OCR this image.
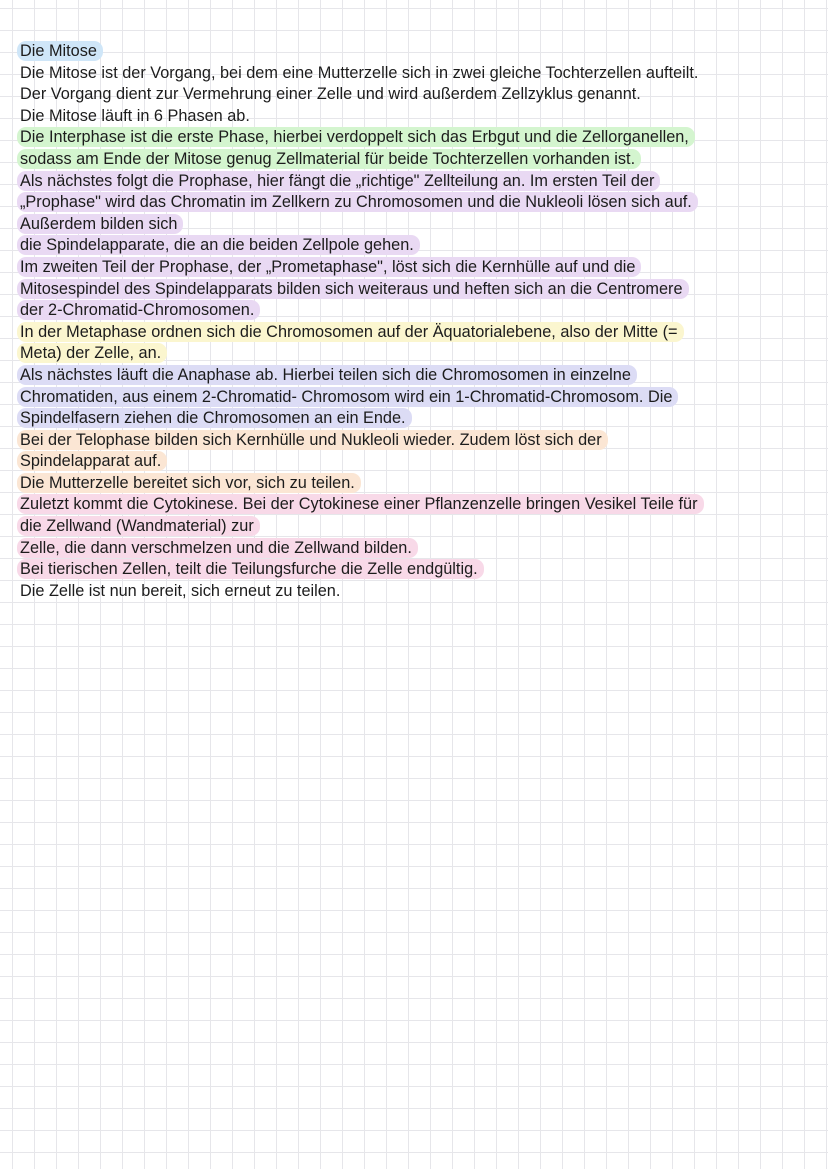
Die Mitose
Die Mitose ist der Vorgang, bei dem eine Mutterzelle sich in zwei gleiche Tochterzellen aufteilt.
Der Vorgang dient zur Vermehrung einer Zelle und wird außerdem Zellzyklus genannt.
Die Mitose läuft in 6 Phasen ab.
Die Interphase ist die erste Phase, hierbei verdoppelt sich das Erbgut und die Zellorganellen,
sodass am Ende der Mitose genug Zellmaterial für beide Tochterzellen vorhanden ist.
Als nächstes folgt die Prophase, hier fängt die „richtige" Zellteilung an. Im ersten Teil der
„Prophase" wird das Chromatin im Zellkern zu Chromosomen und die Nukleoli lösen sich auf.
Außerdem bilden sich
die Spindelapparate, die an die beiden Zellpole gehen.
Im zweiten Teil der Prophase, der „Prometaphase", löst sich die Kernhülle auf und die
Mitosespindel des Spindelapparats bilden sich weiteraus und heften sich an die Centromere
der 2-Chromatid-Chromosomen.
In der Metaphase ordnen sich die Chromosomen auf der Äquatorialebene, also der Mitte (=
Meta) der Zelle, an.
Als nächstes läuft die Anaphase ab. Hierbei teilen sich die Chromosomen in einzelne
Chromatiden, aus einem 2-Chromatid- Chromosom wird ein 1-Chromatid-Chromosom. Die
Spindelfasern ziehen die Chromosomen an ein Ende.
Bei der Telophase bilden sich Kernhülle und Nukleoli wieder. Zudem löst sich der
Spindelapparat auf.
Die Mutterzelle bereitet sich vor, sich zu teilen.
Zuletzt kommt die Cytokinese. Bei der Cytokinese einer Pflanzenzelle bringen Vesikel Teile für
die Zellwand (Wandmaterial) zur
Zelle, die dann verschmelzen und die Zellwand bilden.
Bei tierischen Zellen, teilt die Teilungsfurche die Zelle endgültig.
Die Zelle ist nun bereit, sich erneut zu teilen.
